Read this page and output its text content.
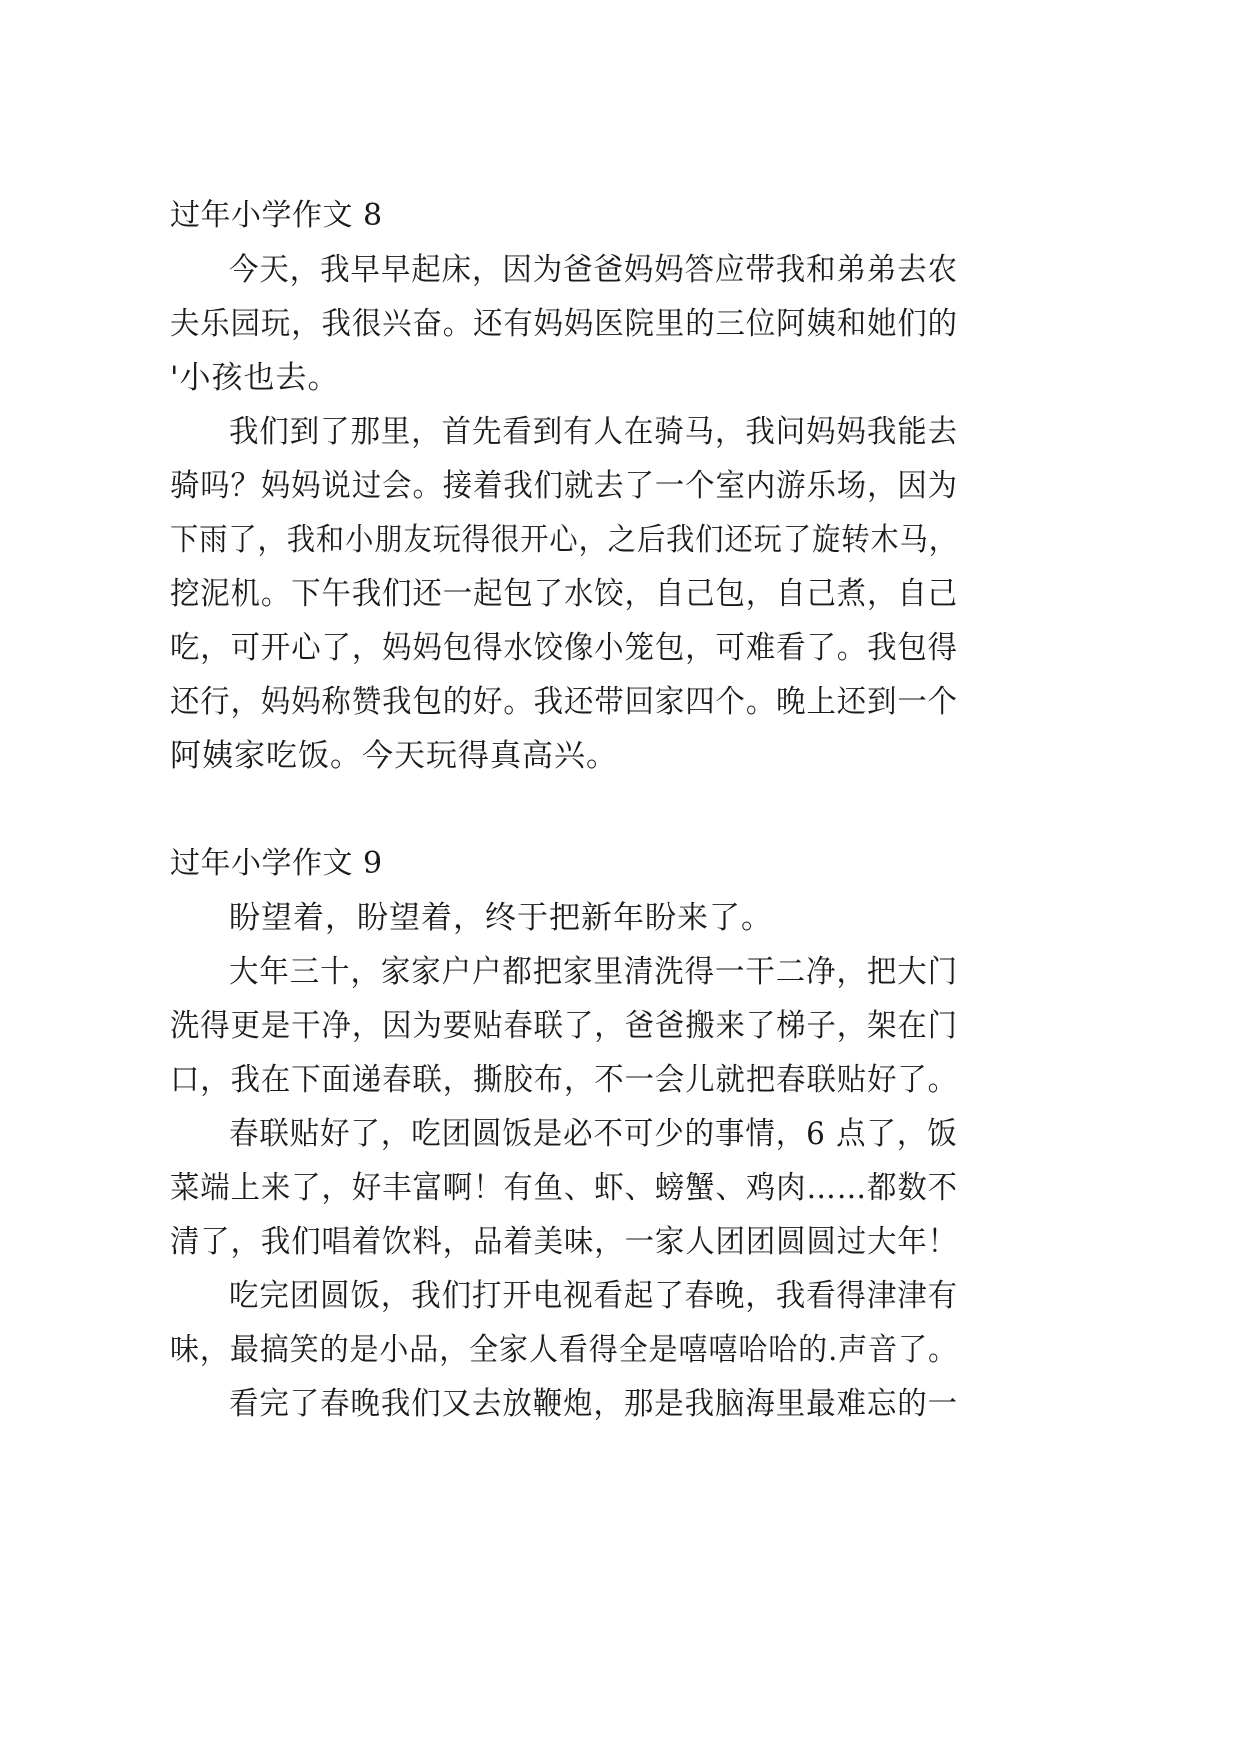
过年小学作文 8
今天，我早早起床，因为爸爸妈妈答应带我和弟弟去农
夫乐园玩，我很兴奋。还有妈妈医院里的三位阿姨和她们的
'小孩也去。
我们到了那里，首先看到有人在骑马，我问妈妈我能去
骑吗？妈妈说过会。接着我们就去了一个室内游乐场，因为
下雨了，我和小朋友玩得很开心，之后我们还玩了旋转木马，
挖泥机。下午我们还一起包了水饺，自己包，自己煮，自己
吃，可开心了，妈妈包得水饺像小笼包，可难看了。我包得
还行，妈妈称赞我包的好。我还带回家四个。晚上还到一个
阿姨家吃饭。今天玩得真高兴。
过年小学作文 9
盼望着，盼望着，终于把新年盼来了。
大年三十，家家户户都把家里清洗得一干二净，把大门
洗得更是干净，因为要贴春联了，爸爸搬来了梯子，架在门
口，我在下面递春联，撕胶布，不一会儿就把春联贴好了。
春联贴好了，吃团圆饭是必不可少的事情，6 点了，饭
菜端上来了，好丰富啊！有鱼、虾、螃蟹、鸡肉……都数不
清了，我们唱着饮料，品着美味，一家人团团圆圆过大年！
吃完团圆饭，我们打开电视看起了春晚，我看得津津有
味，最搞笑的是小品，全家人看得全是嘻嘻哈哈的.声音了。
看完了春晚我们又去放鞭炮，那是我脑海里最难忘的一
